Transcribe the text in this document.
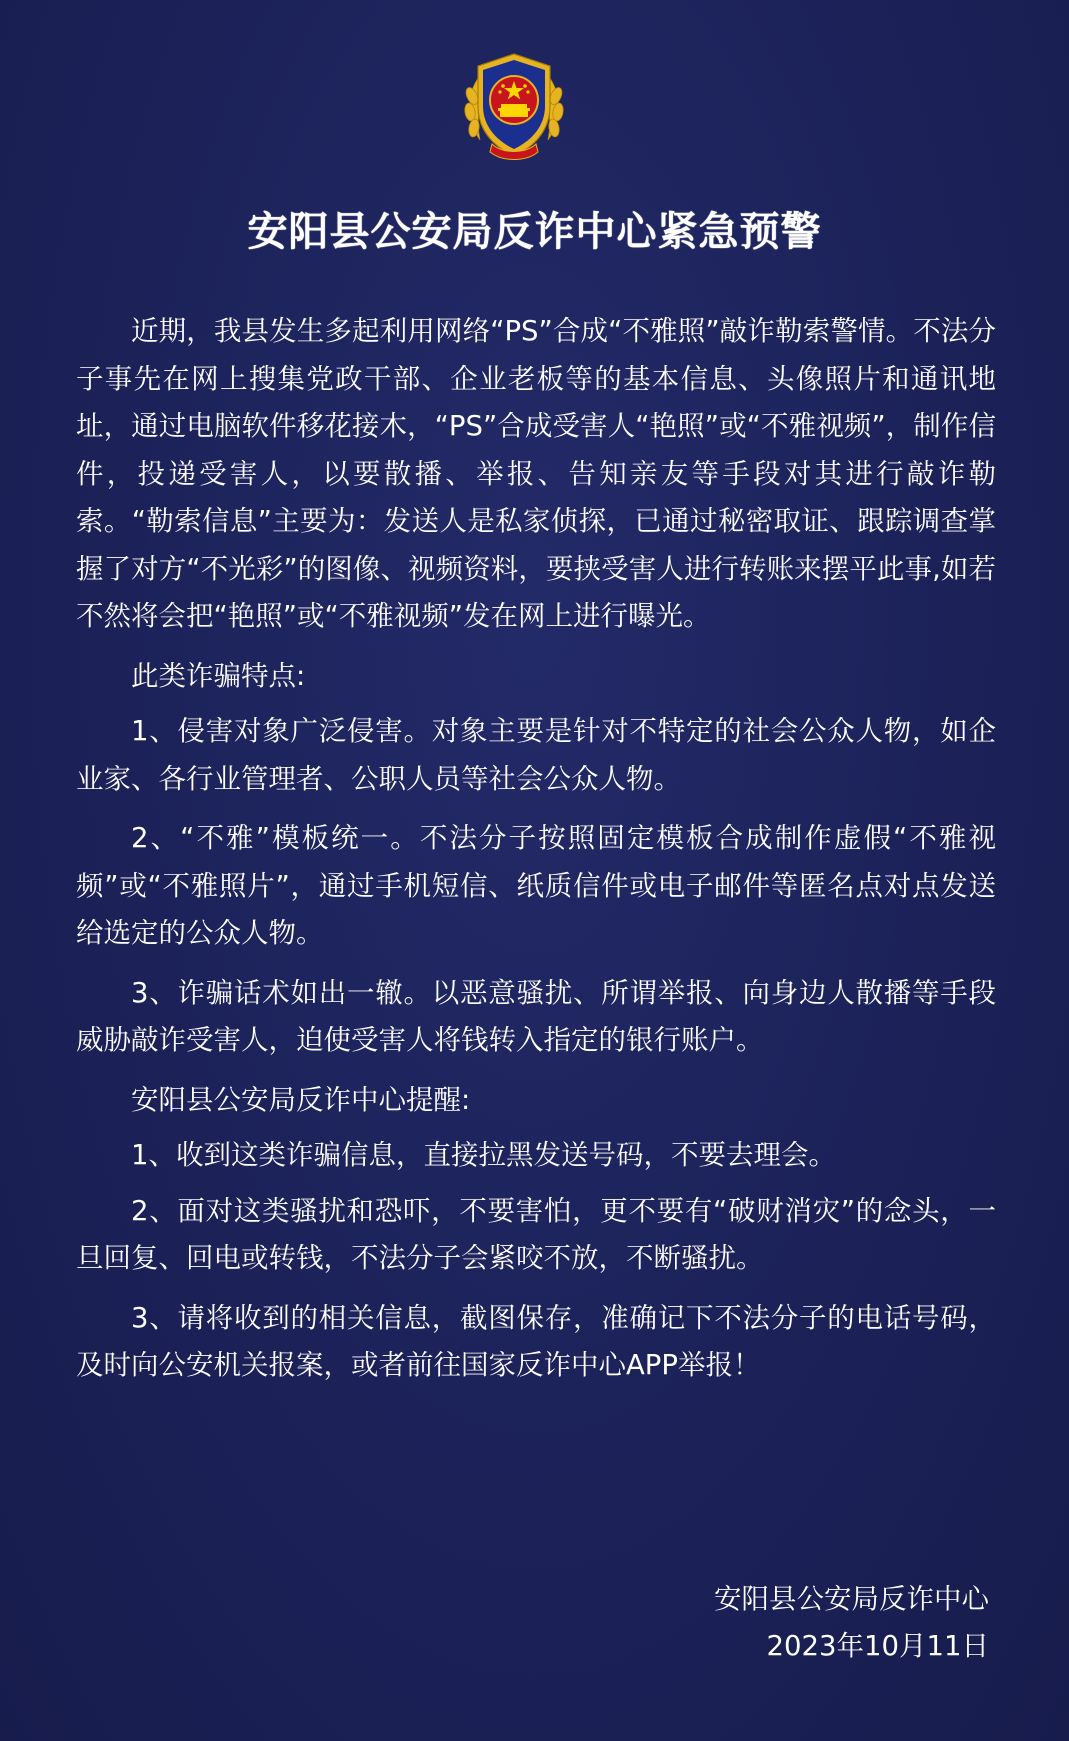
安阳县公安局反诈中心紧急预警

近期，我县发生多起利用网络“PS”合成“不雅照”敲诈勒索警情。不法分子事先在网上搜集党政干部、企业老板等的基本信息、头像照片和通讯地址，通过电脑软件移花接木，“PS”合成受害人“艳照”或“不雅视频”，制作信件，投递受害人，以要散播、举报、告知亲友等手段对其进行敲诈勒索。“勒索信息”主要为：发送人是私家侦探，已通过秘密取证、跟踪调查掌握了对方“不光彩”的图像、视频资料，要挟受害人进行转账来摆平此事,如若不然将会把“艳照”或“不雅视频”发在网上进行曝光。

此类诈骗特点:

1、侵害对象广泛侵害。对象主要是针对不特定的社会公众人物，如企业家、各行业管理者、公职人员等社会公众人物。

2、“不雅”模板统一。不法分子按照固定模板合成制作虚假“不雅视频”或“不雅照片”，通过手机短信、纸质信件或电子邮件等匿名点对点发送给选定的公众人物。

3、诈骗话术如出一辙。以恶意骚扰、所谓举报、向身边人散播等手段威胁敲诈受害人，迫使受害人将钱转入指定的银行账户。

安阳县公安局反诈中心提醒:

1、收到这类诈骗信息，直接拉黑发送号码，不要去理会。

2、面对这类骚扰和恐吓，不要害怕，更不要有“破财消灾”的念头，一旦回复、回电或转钱，不法分子会紧咬不放，不断骚扰。

3、请将收到的相关信息，截图保存，准确记下不法分子的电话号码，及时向公安机关报案，或者前往国家反诈中心APP举报！

安阳县公安局反诈中心
2023年10月11日
